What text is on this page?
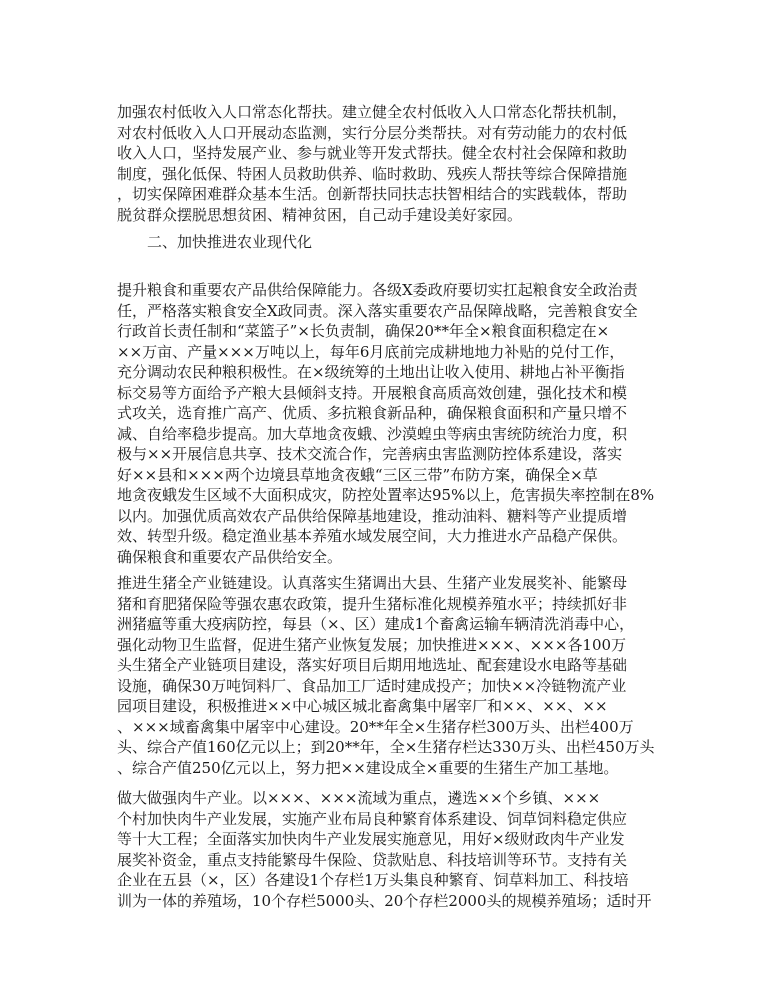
加强农村低收入人口常态化帮扶。建立健全农村低收入人口常态化帮扶机制，
对农村低收入人口开展动态监测，实行分层分类帮扶。对有劳动能力的农村低
收入人口，坚持发展产业、参与就业等开发式帮扶。健全农村社会保障和救助
制度，强化低保、特困人员救助供养、临时救助、残疾人帮扶等综合保障措施
，切实保障困难群众基本生活。创新帮扶同扶志扶智相结合的实践载体，帮助
脱贫群众摆脱思想贫困、精神贫困，自己动手建设美好家园。
二、加快推进农业现代化
提升粮食和重要农产品供给保障能力。各级X委政府要切实扛起粮食安全政治责
任，严格落实粮食安全X政同责。深入落实重要农产品保障战略，完善粮食安全
行政首长责任制和“菜篮子”×长负责制，确保20**年全×粮食面积稳定在×
××万亩、产量×××万吨以上，每年6月底前完成耕地地力补贴的兑付工作，
充分调动农民种粮积极性。在×级统筹的土地出让收入使用、耕地占补平衡指
标交易等方面给予产粮大县倾斜支持。开展粮食高质高效创建，强化技术和模
式攻关，选育推广高产、优质、多抗粮食新品种，确保粮食面积和产量只增不
减、自给率稳步提高。加大草地贪夜蛾、沙漠蝗虫等病虫害统防统治力度，积
极与××开展信息共享、技术交流合作，完善病虫害监测防控体系建设，落实
好××县和×××两个边境县草地贪夜蛾“三区三带”布防方案，确保全×草
地贪夜蛾发生区域不大面积成灾，防控处置率达95%以上，危害损失率控制在8%
以内。加强优质高效农产品供给保障基地建设，推动油料、糖料等产业提质增
效、转型升级。稳定渔业基本养殖水域发展空间，大力推进水产品稳产保供。
确保粮食和重要农产品供给安全。
推进生猪全产业链建设。认真落实生猪调出大县、生猪产业发展奖补、能繁母
猪和育肥猪保险等强农惠农政策，提升生猪标准化规模养殖水平；持续抓好非
洲猪瘟等重大疫病防控，每县（×、区）建成1个畜禽运输车辆清洗消毒中心，
强化动物卫生监督，促进生猪产业恢复发展；加快推进×××、×××各100万
头生猪全产业链项目建设，落实好项目后期用地选址、配套建设水电路等基础
设施，确保30万吨饲料厂、食品加工厂适时建成投产；加快××冷链物流产业
园项目建设，积极推进××中心城区城北畜禽集中屠宰厂和××、××、××
、×××域畜禽集中屠宰中心建设。20**年全×生猪存栏300万头、出栏400万
头、综合产值160亿元以上；到20**年，全×生猪存栏达330万头、出栏450万头
、综合产值250亿元以上，努力把××建设成全×重要的生猪生产加工基地。
做大做强肉牛产业。以×××、×××流域为重点，遴选××个乡镇、×××
个村加快肉牛产业发展，实施产业布局良种繁育体系建设、饲草饲料稳定供应
等十大工程；全面落实加快肉牛产业发展实施意见，用好×级财政肉牛产业发
展奖补资金，重点支持能繁母牛保险、贷款贴息、科技培训等环节。支持有关
企业在五县（×，区）各建设1个存栏1万头集良种繁育、饲草料加工、科技培
训为一体的养殖场，10个存栏5000头、20个存栏2000头的规模养殖场；适时开
